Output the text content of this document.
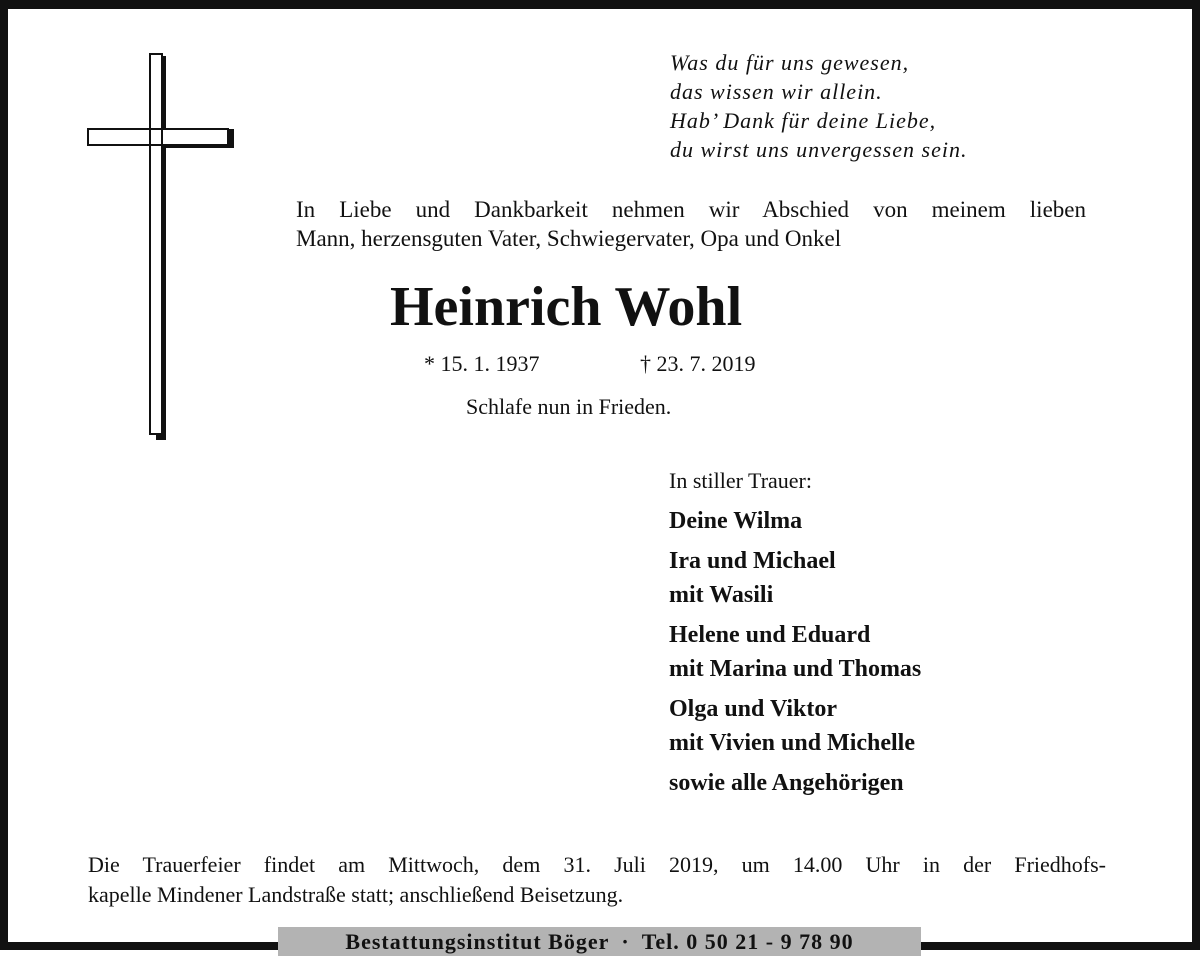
Was du für uns gewesen,
das wissen wir allein.
Hab’ Dank für deine Liebe,
du wirst uns unvergessen sein.
In Liebe und Dankbarkeit nehmen wir Abschied von meinem lieben
Mann, herzensguten Vater, Schwiegervater, Opa und Onkel
Heinrich Wohl
* 15. 1. 1937	† 23. 7. 2019
Schlafe nun in Frieden.
In stiller Trauer:
Deine Wilma
Ira und Michael
mit Wasili
Helene und Eduard
mit Marina und Thomas
Olga und Viktor
mit Vivien und Michelle
sowie alle Angehörigen
Die Trauerfeier findet am Mittwoch, dem 31. Juli 2019, um 14.00 Uhr in der Friedhofs-
kapelle Mindener Landstraße statt; anschließend Beisetzung.
Bestattungsinstitut Böger · Tel. 0 50 21 - 9 78 90
